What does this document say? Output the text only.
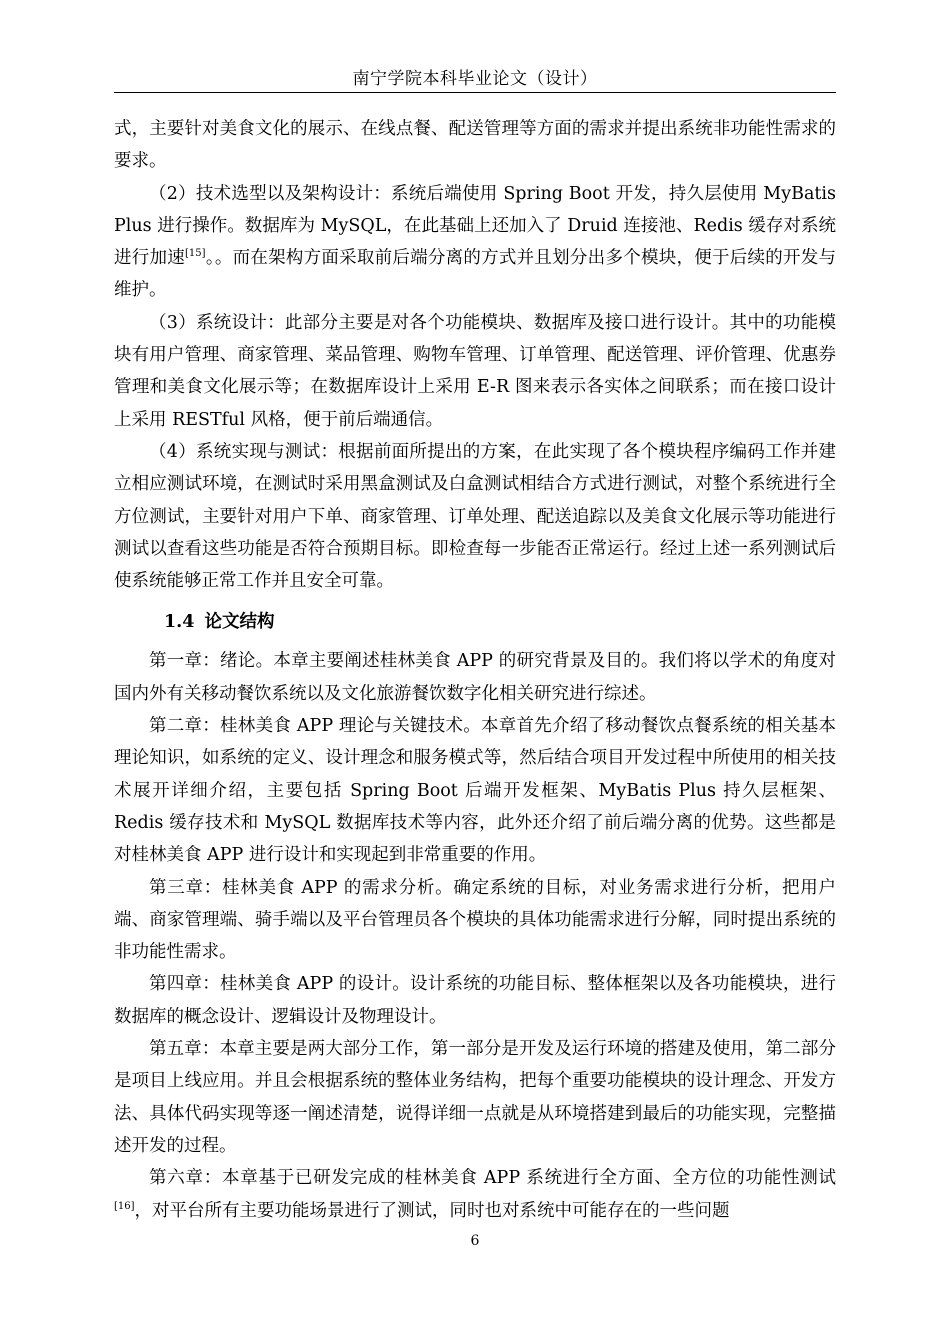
南宁学院本科毕业论文（设计）

式，主要针对美食文化的展示、在线点餐、配送管理等方面的需求并提出系统非功能性需求的要求。

（2）技术选型以及架构设计：系统后端使用 Spring Boot 开发，持久层使用 MyBatis Plus 进行操作。数据库为 MySQL，在此基础上还加入了 Druid 连接池、Redis 缓存对系统进行加速[15]。。而在架构方面采取前后端分离的方式并且划分出多个模块，便于后续的开发与维护。

（3）系统设计：此部分主要是对各个功能模块、数据库及接口进行设计。其中的功能模块有用户管理、商家管理、菜品管理、购物车管理、订单管理、配送管理、评价管理、优惠券管理和美食文化展示等；在数据库设计上采用 E-R 图来表示各实体之间联系；而在接口设计上采用 RESTful 风格，便于前后端通信。

（4）系统实现与测试：根据前面所提出的方案，在此实现了各个模块程序编码工作并建立相应测试环境，在测试时采用黑盒测试及白盒测试相结合方式进行测试，对整个系统进行全方位测试，主要针对用户下单、商家管理、订单处理、配送追踪以及美食文化展示等功能进行测试以查看这些功能是否符合预期目标。即检查每一步能否正常运行。经过上述一系列测试后使系统能够正常工作并且安全可靠。

1.4 论文结构

第一章：绪论。本章主要阐述桂林美食 APP 的研究背景及目的。我们将以学术的角度对国内外有关移动餐饮系统以及文化旅游餐饮数字化相关研究进行综述。

第二章：桂林美食 APP 理论与关键技术。本章首先介绍了移动餐饮点餐系统的相关基本理论知识，如系统的定义、设计理念和服务模式等，然后结合项目开发过程中所使用的相关技术展开详细介绍，主要包括 Spring Boot 后端开发框架、MyBatis Plus 持久层框架、Redis 缓存技术和 MySQL 数据库技术等内容，此外还介绍了前后端分离的优势。这些都是对桂林美食 APP 进行设计和实现起到非常重要的作用。

第三章：桂林美食 APP 的需求分析。确定系统的目标，对业务需求进行分析，把用户端、商家管理端、骑手端以及平台管理员各个模块的具体功能需求进行分解，同时提出系统的非功能性需求。

第四章：桂林美食 APP 的设计。设计系统的功能目标、整体框架以及各功能模块，进行数据库的概念设计、逻辑设计及物理设计。

第五章：本章主要是两大部分工作，第一部分是开发及运行环境的搭建及使用，第二部分是项目上线应用。并且会根据系统的整体业务结构，把每个重要功能模块的设计理念、开发方法、具体代码实现等逐一阐述清楚，说得详细一点就是从环境搭建到最后的功能实现，完整描述开发的过程。

第六章：本章基于已研发完成的桂林美食 APP 系统进行全方面、全方位的功能性测试[16]，对平台所有主要功能场景进行了测试，同时也对系统中可能存在的一些问题

6
